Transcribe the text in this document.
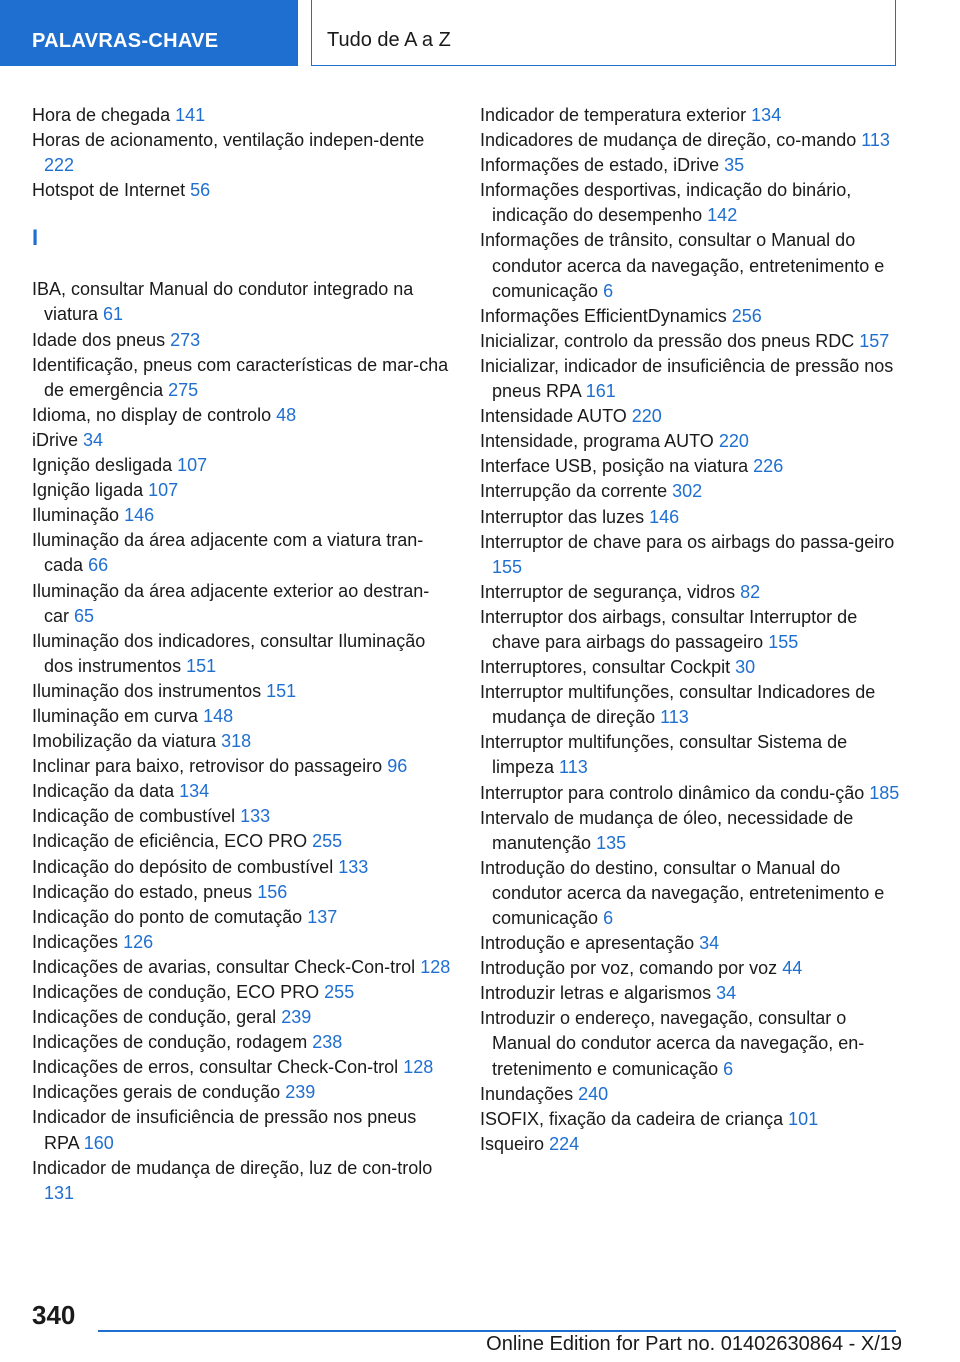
PALAVRAS-CHAVE	Tudo de A a Z
Hora de chegada 141
Horas de acionamento, ventilação indepen-dente 222
Hotspot de Internet 56
I
IBA, consultar Manual do condutor integrado na viatura 61
Idade dos pneus 273
Identificação, pneus com características de mar-cha de emergência 275
Idioma, no display de controlo 48
iDrive 34
Ignição desligada 107
Ignição ligada 107
Iluminação 146
Iluminação da área adjacente com a viatura tran-cada 66
Iluminação da área adjacente exterior ao destran-car 65
Iluminação dos indicadores, consultar Iluminação dos instrumentos 151
Iluminação dos instrumentos 151
Iluminação em curva 148
Imobilização da viatura 318
Inclinar para baixo, retrovisor do passageiro 96
Indicação da data 134
Indicação de combustível 133
Indicação de eficiência, ECO PRO 255
Indicação do depósito de combustível 133
Indicação do estado, pneus 156
Indicação do ponto de comutação 137
Indicações 126
Indicações de avarias, consultar Check-Con-trol 128
Indicações de condução, ECO PRO 255
Indicações de condução, geral 239
Indicações de condução, rodagem 238
Indicações de erros, consultar Check-Con-trol 128
Indicações gerais de condução 239
Indicador de insuficiência de pressão nos pneus RPA 160
Indicador de mudança de direção, luz de con-trolo 131
Indicador de temperatura exterior 134
Indicadores de mudança de direção, co-mando 113
Informações de estado, iDrive 35
Informações desportivas, indicação do binário, indicação do desempenho 142
Informações de trânsito, consultar o Manual do condutor acerca da navegação, entretenimento e comunicação 6
Informações EfficientDynamics 256
Inicializar, controlo da pressão dos pneus RDC 157
Inicializar, indicador de insuficiência de pressão nos pneus RPA 161
Intensidade AUTO 220
Intensidade, programa AUTO 220
Interface USB, posição na viatura 226
Interrupção da corrente 302
Interruptor das luzes 146
Interruptor de chave para os airbags do passa-geiro 155
Interruptor de segurança, vidros 82
Interruptor dos airbags, consultar Interruptor de chave para airbags do passageiro 155
Interruptores, consultar Cockpit 30
Interruptor multifunções, consultar Indicadores de mudança de direção 113
Interruptor multifunções, consultar Sistema de limpeza 113
Interruptor para controlo dinâmico da condu-ção 185
Intervalo de mudança de óleo, necessidade de manutenção 135
Introdução do destino, consultar o Manual do condutor acerca da navegação, entretenimento e comunicação 6
Introdução e apresentação 34
Introdução por voz, comando por voz 44
Introduzir letras e algarismos 34
Introduzir o endereço, navegação, consultar o Manual do condutor acerca da navegação, en-tretenimento e comunicação 6
Inundações 240
ISOFIX, fixação da cadeira de criança 101
Isqueiro 224
340
Online Edition for Part no. 01402630864 - X/19
